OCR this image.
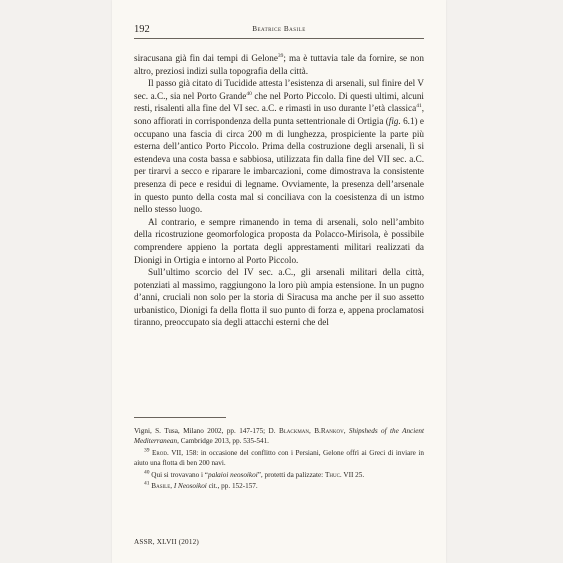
192	Beatrice Basile

siracusana già fin dai tempi di Gelone$^{39}$; ma è tuttavia tale da fornire, se non altro, preziosi indizi sulla topografia della città.

Il passo già citato di Tucidide attesta l’esistenza di arsenali, sul finire del V sec. a.C., sia nel Porto Grande$^{40}$ che nel Porto Piccolo. Di questi ultimi, alcuni resti, risalenti alla fine del VI sec. a.C. e rimasti in uso durante l’età classica$^{41}$, sono affiorati in corrispondenza della punta settentrionale di Ortigia (fig. 6.1) e occupano una fascia di circa 200 m di lunghezza, prospiciente la parte più esterna dell’antico Porto Piccolo. Prima della costruzione degli arsenali, lì si estendeva una costa bassa e sabbiosa, utilizzata fin dalla fine del VII sec. a.C. per tirarvi a secco e riparare le imbarcazioni, come dimostrava la consistente presenza di pece e residui di legname. Ovviamente, la presenza dell’arsenale in questo punto della costa mal si conciliava con la coesistenza di un istmo nello stesso luogo.

Al contrario, e sempre rimanendo in tema di arsenali, solo nell’ambito della ricostruzione geomorfologica proposta da Polacco-Mirisola, è possibile comprendere appieno la portata degli apprestamenti militari realizzati da Dionigi in Ortigia e intorno al Porto Piccolo.

Sull’ultimo scorcio del IV sec. a.C., gli arsenali militari della città, potenziati al massimo, raggiungono la loro più ampia estensione. In un pugno d’anni, cruciali non solo per la storia di Siracusa ma anche per il suo assetto urbanistico, Dionigi fa della flotta il suo punto di forza e, appena proclamatosi tiranno, preoccupato sia degli attacchi esterni che del

Vigni, S. Tusa, Milano 2002, pp. 147-175; D. Blackman, B.Rankov, Shipsheds of the Ancient Mediterranean, Cambridge 2013, pp. 535-541.

$^{39}$ Erod. VII, 158: in occasione del conflitto con i Persiani, Gelone offrì ai Greci di inviare in aiuto una flotta di ben 200 navi.

$^{40}$ Qui si trovavano i “palaioi neosoikoi”, protetti da palizzate: Thuc. VII 25.

$^{41}$ Basile, I Neosoikoi cit., pp. 152-157.

ASSR, XLVII (2012)
